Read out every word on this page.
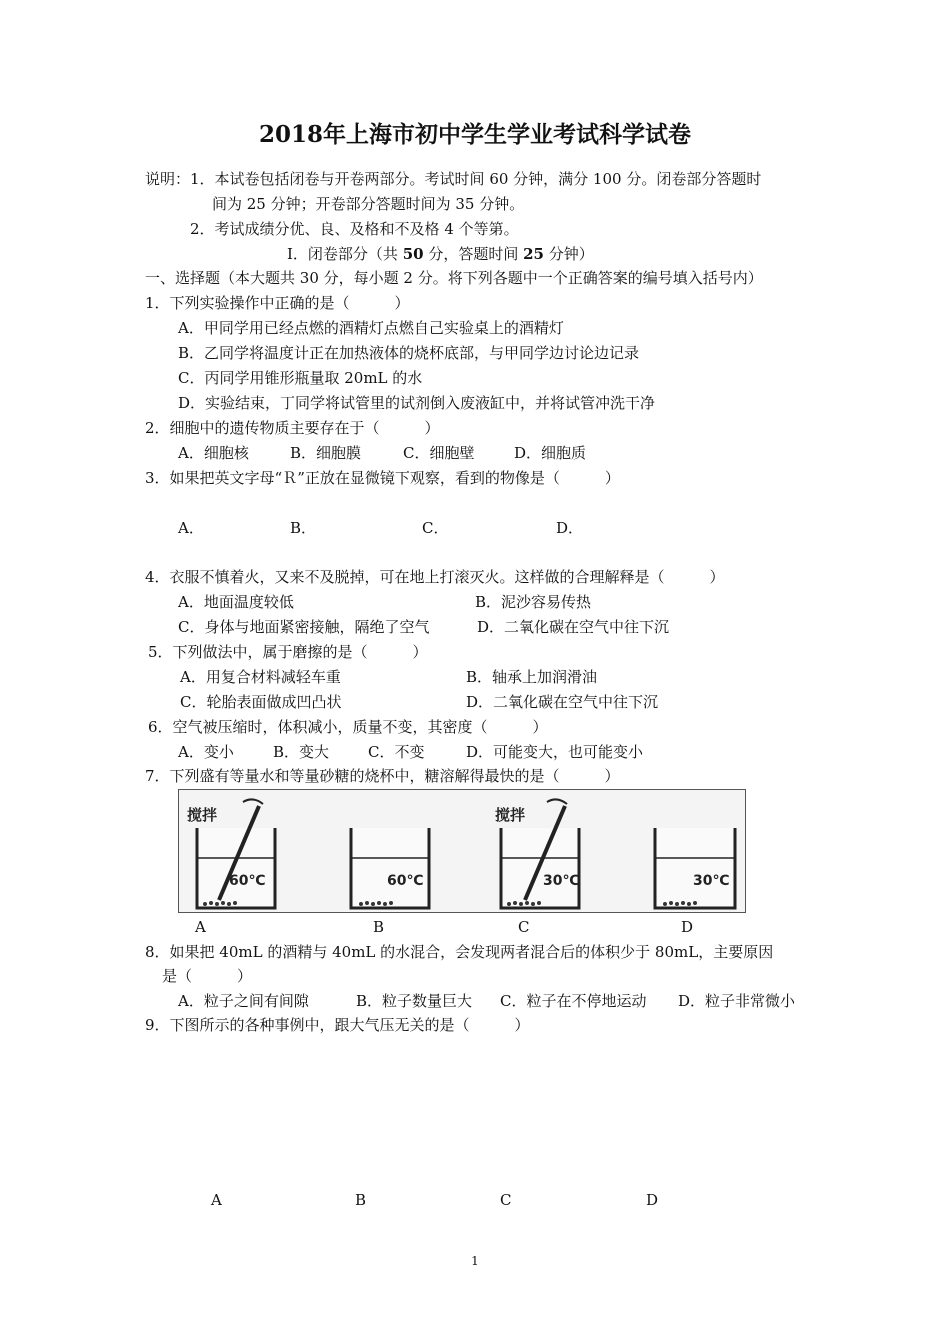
2018年上海市初中学生学业考试科学试卷
说明： 1．本试卷包括闭卷与开卷两部分。考试时间 60 分钟，满分 100 分。闭卷部分答题时
间为 25 分钟；开卷部分答题时间为 35 分钟。
2．考试成绩分优、良、及格和不及格 4 个等第。
Ⅰ．闭卷部分（共 50 分，答题时间 25 分钟）
一、选择题（本大题共 30 分，每小题 2 分。将下列各题中一个正确答案的编号填入括号内）
1．下列实验操作中正确的是（　　　）
A．甲同学用已经点燃的酒精灯点燃自己实验桌上的酒精灯
B．乙同学将温度计正在加热液体的烧杯底部，与甲同学边讨论边记录
C．丙同学用锥形瓶量取 20mL 的水
D．实验结束，丁同学将试管里的试剂倒入废液缸中，并将试管冲洗干净
2．细胞中的遗传物质主要存在于（　　　）
A．细胞核	B．细胞膜	C．细胞壁	D．细胞质
3．如果把英文字母“Ｒ”正放在显微镜下观察，看到的物像是（　　　）
A．	B．	C．	D．
4．衣服不慎着火，又来不及脱掉，可在地上打滚灭火。这样做的合理解释是（　　　）
A．地面温度较低	B．泥沙容易传热
C．身体与地面紧密接触，隔绝了空气	D．二氧化碳在空气中往下沉
5．下列做法中，属于磨擦的是（　　　）
A．用复合材料减轻车重	B．轴承上加润滑油
C．轮胎表面做成凹凸状	D．二氧化碳在空气中往下沉
6．空气被压缩时，体积减小，质量不变，其密度（　　　）
A．变小	B．变大	C．不变	D．可能变大，也可能变小
7．下列盛有等量水和等量砂糖的烧杯中，糖溶解得最快的是（　　　）
搅拌
60℃	60℃
搅拌
30℃	30℃
A	B	C	D
8．如果把 40mL 的酒精与 40mL 的水混合，会发现两者混合后的体积少于 80mL，主要原因
是（　　　）
A．粒子之间有间隙	B．粒子数量巨大 C．粒子在不停地运动 D．粒子非常微小
9．下图所示的各种事例中，跟大气压无关的是（　　　）
A	B	C	D
1
